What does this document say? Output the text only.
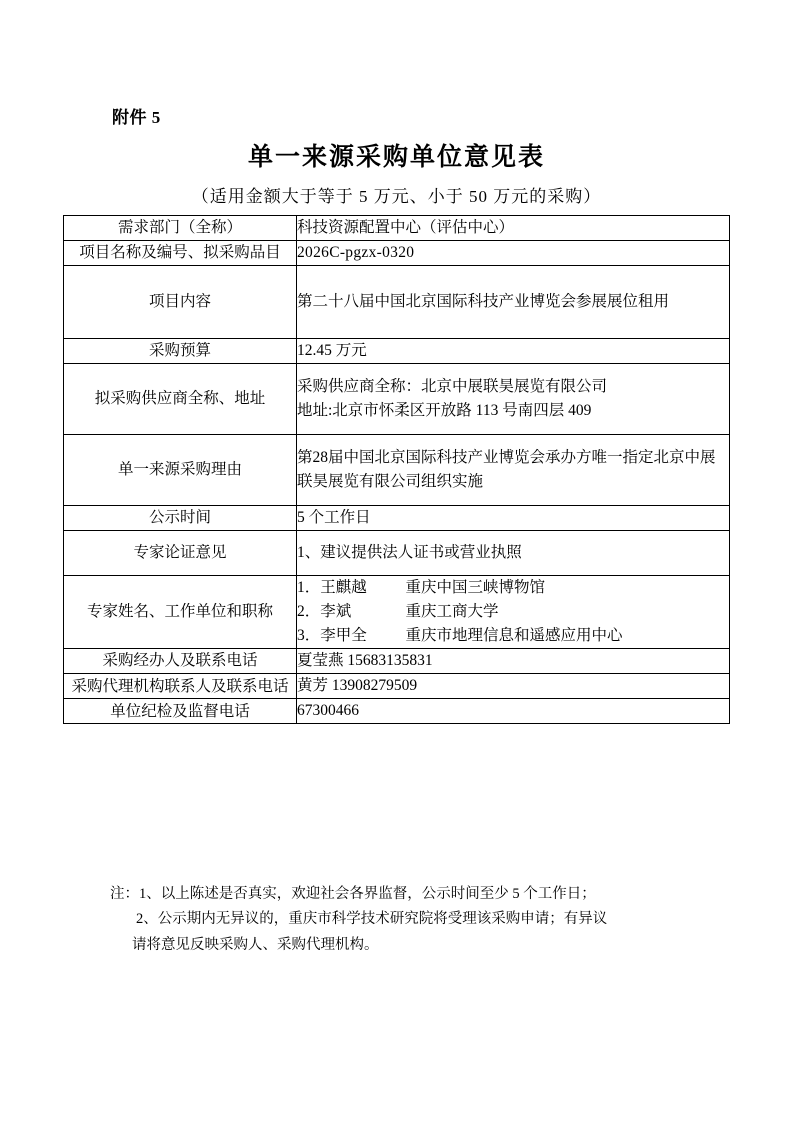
附件 5
单一来源采购单位意见表
（适用金额大于等于 5 万元、小于 50 万元的采购）
需求部门（全称）	科技资源配置中心（评估中心）
项目名称及编号、拟采购品目	2026C-pgzx-0320
项目内容	第二十八届中国北京国际科技产业博览会参展展位租用
采购预算	12.45 万元
拟采购供应商全称、地址	采购供应商全称：北京中展联昊展览有限公司
地址:北京市怀柔区开放路 113 号南四层 409

单一来源采购理由	第28届中国北京国际科技产业博览会承办方唯一指定北京中展联昊展览有限公司组织实施
公示时间	5 个工作日
专家论证意见	1、建议提供法人证书或营业执照
专家姓名、工作单位和职称	1．王麒越          重庆中国三峡博物馆
2．李斌              重庆工商大学
3．李甲全          重庆市地理信息和遥感应用中心

采购经办人及联系电话	夏莹燕 15683135831
采购代理机构联系人及联系电话	黄芳 13908279509
单位纪检及监督电话	67300466
注：1、以上陈述是否真实，欢迎社会各界监督，公示时间至少 5 个工作日；
2、公示期内无异议的，重庆市科学技术研究院将受理该采购申请；有异议
请将意见反映采购人、采购代理机构。
